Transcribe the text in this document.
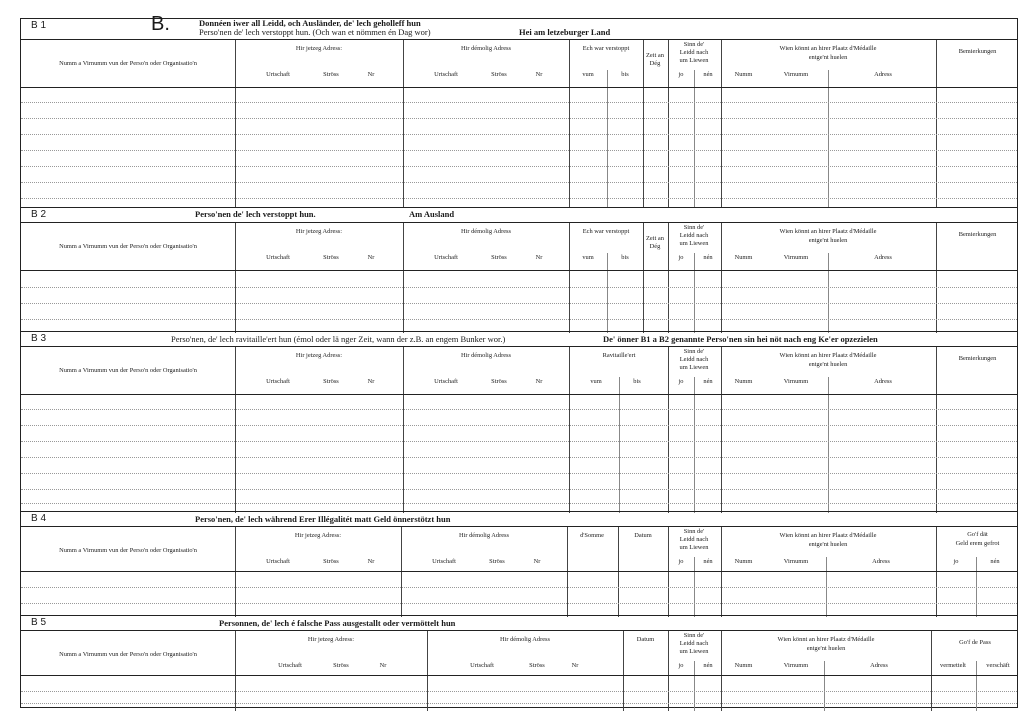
B 1	B.	Donnéen iwer all Leidd, och Ausländer, de' lech geholleff hun
Perso'nen de' lech verstoppt hun. (Och wan et nömmen én Dag wor)	Hei am letzeburger Land
Numm a Virnumm vun der Perso'n oder Organisatio'n
Hir jetzeg Adress:
Urtschaft	Ströss	Nr
Hir démolig Adress
Urtschaft	Ströss	Nr
Ech war verstoppt
vum	bis
Zeit an Dég
Sinn de'
Leidd nach
um Liewen
jo	nén
Wien könnt an hirer Plaatz d'Médaille
entge'nt huelen
Numm	Virnumm	Adress
Bemierkungen
B 2	Perso'nen de' lech verstoppt hun.	Am Ausland
Numm a Virnumm vun der Perso'n oder Organisatio'n
Hir jetzeg Adress:
Urtschaft	Ströss	Nr
Hir démolig Adress
Urtschaft	Ströss	Nr
Ech war verstoppt
vum	bis
Zeit an Dég
Sinn de'
Leidd nach
um Liewen
jo	nén
Wien könnt an hirer Plaatz d'Médaille
entge'nt huelen
Numm	Virnumm	Adress
Bemierkungen
B 3	Perso'nen, de' lech ravitaille'ert hun (émol oder lä nger Zeit, wann der z.B. an engem Bunker wor.)	De' önner B1 a B2 genannte Perso'nen sin hei nöt nach eng Ke'er opzezielen
Numm a Virnumm vun der Perso'n oder Organisatio'n
Hir jetzeg Adress:
Urtschaft	Ströss	Nr
Hir démolig Adress
Urtschaft	Ströss	Nr
Ravitaille'ert
vum	bis
Sinn de'
Leidd nach
um Liewen
jo	nén
Wien könnt an hirer Plaatz d'Médaille
entge'nt huelen
Numm	Virnumm	Adress
Bemierkungen
B 4	Perso'nen, de' lech während Erer Illégalitét matt Geld önnerstötzt hun
Numm a Virnumm vun der Perso'n oder Organisatio'n
Hir jetzeg Adress:
Urtschaft	Ströss	Nr
Hir démolig Adress
Urtschaft	Ströss	Nr
d'Somme	Datum
Sinn de'
Leidd nach
um Liewen
jo	nén
Wien könnt an hirer Plaatz d'Médaille
entge'nt huelen
Numm	Virnumm	Adress
Go'f dät
Geld erem gefrot
jo	nén
B 5	Personnen, de' lech é falsche Pass ausgestallt oder vermöttelt hun
Numm a Virnumm vun der Perso'n oder Organisatio'n
Hir jetzeg Adress:
Urtschaft	Ströss	Nr
Hir démolig Adress
Urtschaft	Ströss	Nr
Datum
Sinn de'
Leidd nach
um Liewen
jo	nén
Wien könnt an hirer Plaatz d'Médaille
entge'nt huelen
Numm	Virnumm	Adress
Go'f de Pass
vermettelt	verschäft
